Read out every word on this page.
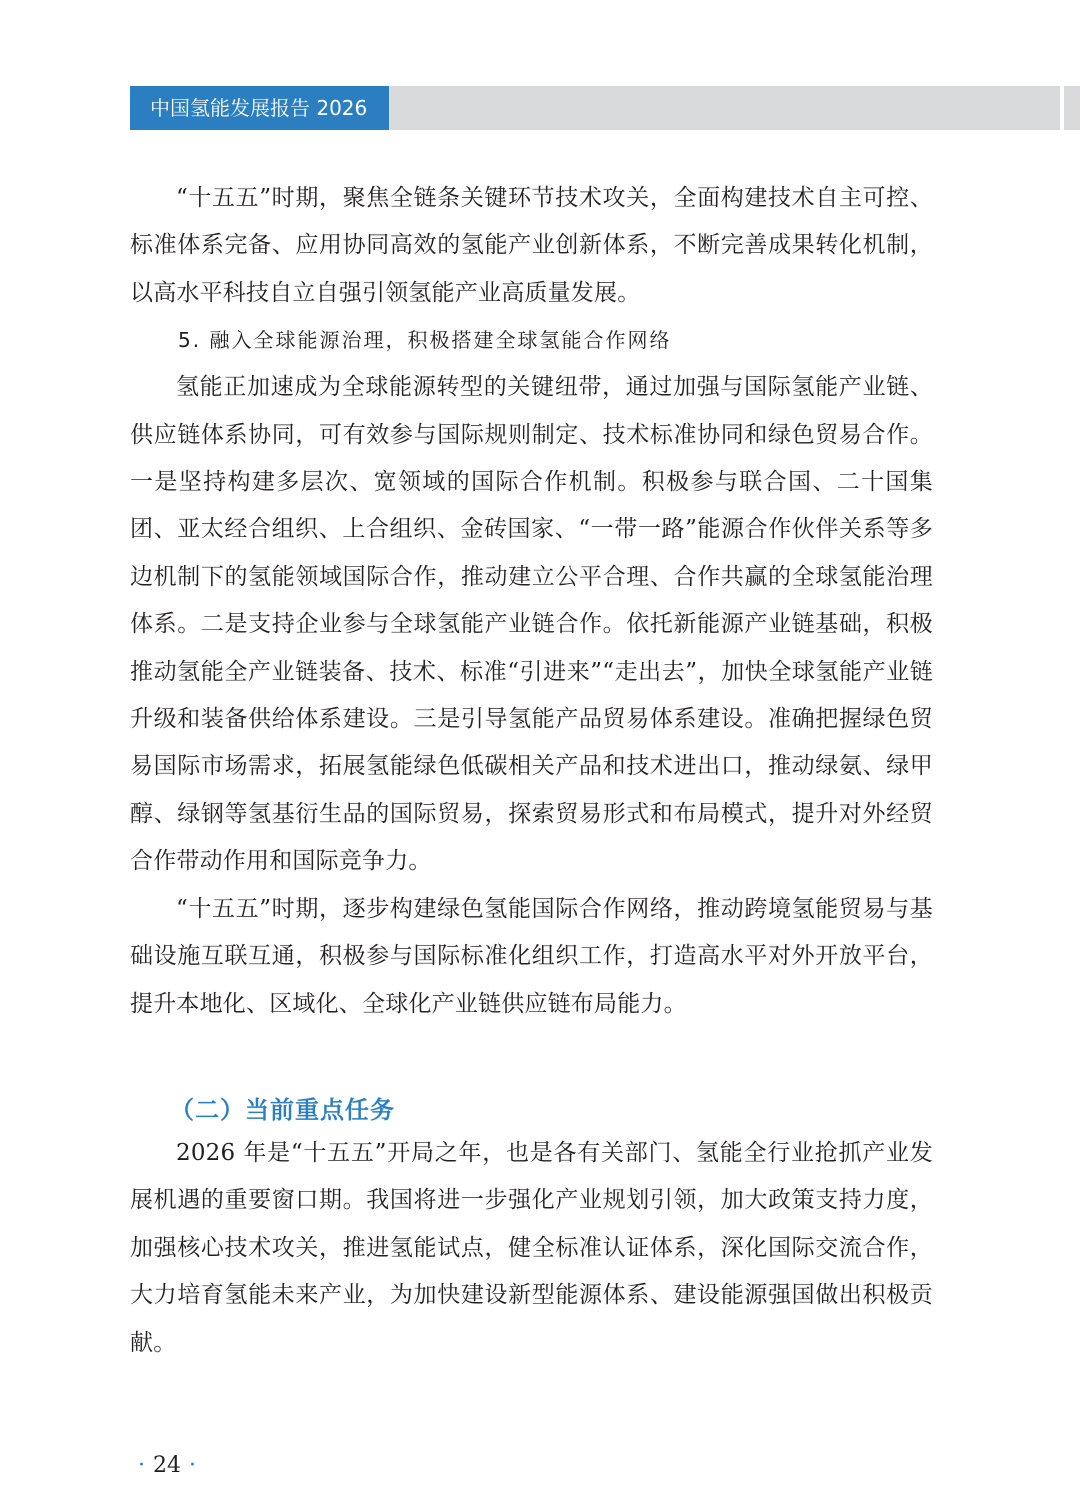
中国氢能发展报告 2026

“十五五”时期，聚焦全链条关键环节技术攻关，全面构建技术自主可控、标准体系完备、应用协同高效的氢能产业创新体系，不断完善成果转化机制，以高水平科技自立自强引领氢能产业高质量发展。

5. 融入全球能源治理，积极搭建全球氢能合作网络

氢能正加速成为全球能源转型的关键纽带，通过加强与国际氢能产业链、供应链体系协同，可有效参与国际规则制定、技术标准协同和绿色贸易合作。一是坚持构建多层次、宽领域的国际合作机制。积极参与联合国、二十国集团、亚太经合组织、上合组织、金砖国家、“一带一路”能源合作伙伴关系等多边机制下的氢能领域国际合作，推动建立公平合理、合作共赢的全球氢能治理体系。二是支持企业参与全球氢能产业链合作。依托新能源产业链基础，积极推动氢能全产业链装备、技术、标准“引进来”“走出去”，加快全球氢能产业链升级和装备供给体系建设。三是引导氢能产品贸易体系建设。准确把握绿色贸易国际市场需求，拓展氢能绿色低碳相关产品和技术进出口，推动绿氨、绿甲醇、绿钢等氢基衍生品的国际贸易，探索贸易形式和布局模式，提升对外经贸合作带动作用和国际竞争力。

“十五五”时期，逐步构建绿色氢能国际合作网络，推动跨境氢能贸易与基础设施互联互通，积极参与国际标准化组织工作，打造高水平对外开放平台，提升本地化、区域化、全球化产业链供应链布局能力。

（二）当前重点任务

2026 年是“十五五”开局之年，也是各有关部门、氢能全行业抢抓产业发展机遇的重要窗口期。我国将进一步强化产业规划引领，加大政策支持力度，加强核心技术攻关，推进氢能试点，健全标准认证体系，深化国际交流合作，大力培育氢能未来产业，为加快建设新型能源体系、建设能源强国做出积极贡献。

· 24 ·
